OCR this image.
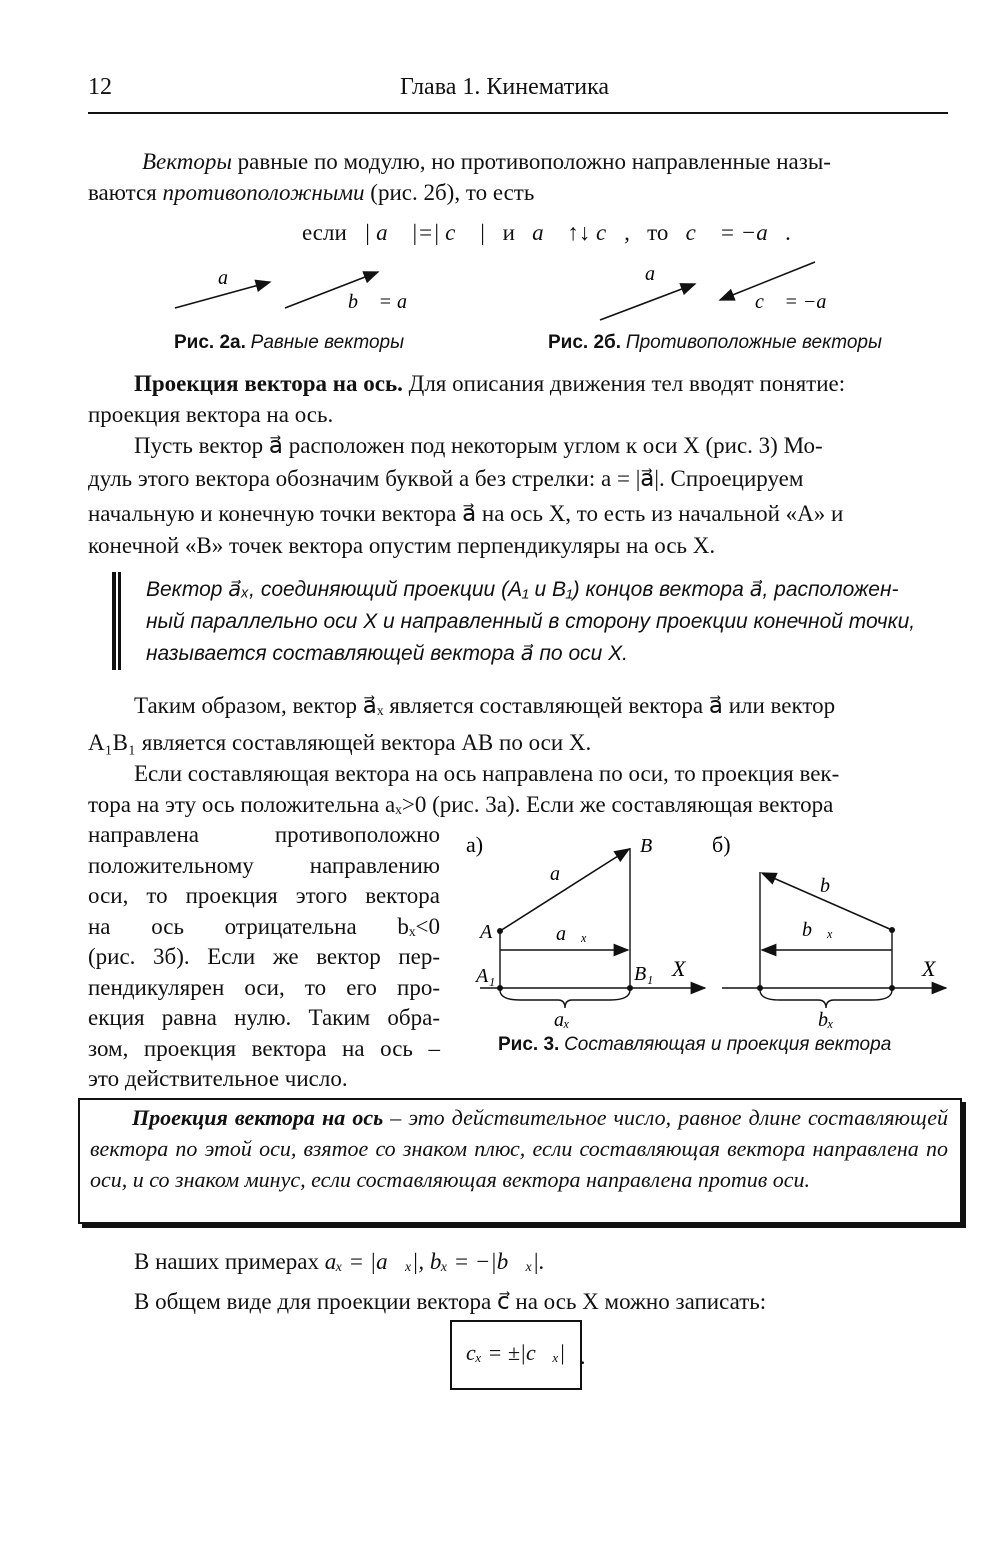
12	Глава 1. Кинематика
Векторы равные по модулю, но противоположно направленные назы-
ваются противоположными (рис. 2б), то есть
если | a⃗ |=| c⃗ | и a⃗ ↑↓ c⃗, то c⃗ = −a⃗.
a⃗
b⃗ = a⃗
a⃗
c⃗ = −a⃗
Рис. 2а. Равные векторы	Рис. 2б. Противоположные векторы
Проекция вектора на ось. Для описания движения тел вводят понятие:
проекция вектора на ось.
Пусть вектор a⃗ расположен под некоторым углом к оси X (рис. 3) Мо-
дуль этого вектора обозначим буквой a без стрелки: a = |a⃗|. Спроецируем
начальную и конечную точки вектора a⃗ на ось X, то есть из начальной «A» и
конечной «B» точек вектора опустим перпендикуляры на ось X.
Вектор a⃗ₓ, соединяющий проекции (A₁ и B₁) концов вектора a⃗, расположен-
ный параллельно оси X и направленный в сторону проекции конечной точки,
называется составляющей вектора a⃗ по оси X.
Таким образом, вектор a⃗ₓ является составляющей вектора a⃗ или вектор
A₁B₁ является составляющей вектора AB по оси X.
Если составляющая вектора на ось направлена по оси, то проекция век-
тора на эту ось положительна aₓ>0 (рис. 3а). Если же составляющая вектора
направлена противоположно
положительному направлению
оси, то проекция этого вектора
на ось отрицательна bₓ<0
(рис. 3б). Если же вектор пер-
пендикулярен оси, то его про-
екция равна нулю. Таким обра-
зом, проекция вектора на ось –
это действительное число.
а)	б)
X
B
A
A₁	B₁
a⃗
a⃗ₓ
aₓ
X
b⃗
b⃗ₓ
bₓ
Рис. 3. Составляющая и проекция вектора
Проекция вектора на ось – это действительное число, равное длине составляющей вектора по этой оси, взятое со знаком плюс, если составляющая вектора направлена по оси, и со знаком минус, если составляющая вектора направлена против оси.
В наших примерах aₓ = |a⃗ₓ|, bₓ = −|b⃗ₓ|.
В общем виде для проекции вектора c⃗ на ось X можно записать:
cₓ = ±|c⃗ₓ| .
